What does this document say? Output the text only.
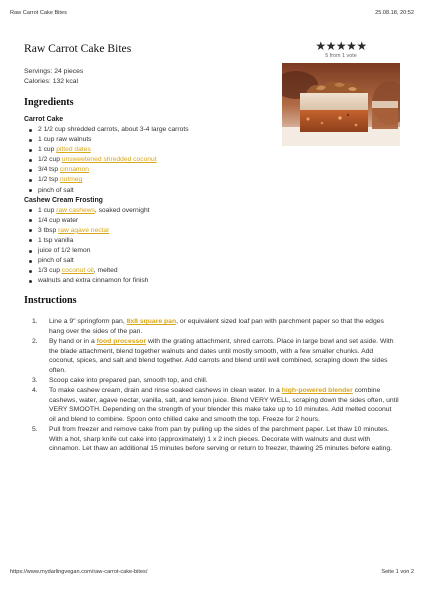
Raw Carrot Cake Bites	25.08.18, 20:52
Raw Carrot Cake Bites	★★★★★
5 from 1 vote
Servings: 24 pieces
Calories: 132 kcal
Ingredients
Carrot Cake
2 1/2 cup shredded carrots, about 3-4 large carrots
1 cup raw walnuts
1 cup pitted dates
1/2 cup unsweetened shredded coconut
3/4 tsp cinnamon
1/2 tsp nutmeg
pinch of salt
Cashew Cream Frosting
1 cup raw cashews, soaked overnight
1/4 cup water
3 tbsp raw agave nectar
1 tsp vanilla
juice of 1/2 lemon
pinch of salt
1/3 cup coconut oil, melted
walnuts and extra cinnamon for finish
Instructions
1. Line a 9" springform pan, 8x8 square pan, or equivalent sized loaf pan with parchment paper so that the edges hang over the sides of the pan.
2. By hand or in a food processor with the grating attachment, shred carrots. Place in large bowl and set aside. With the blade attachment, blend together walnuts and dates until mostly smooth, with a few smaller chunks. Add coconut, spices, and salt and blend together. Add carrots and blend until well combined, scraping down the sides often.
3. Scoop cake into prepared pan, smooth top, and chill.
4. To make cashew cream, drain and rinse soaked cashews in clean water. In a high-powered blender combine cashews, water, agave nectar, vanilla, salt, and lemon juice. Blend VERY WELL, scraping down the sides often, until VERY SMOOTH. Depending on the strength of your blender this make take up to 10 minutes. Add melted coconut oil and blend to combine. Spoon onto chilled cake and smooth the top. Freeze for 2 hours.
5. Pull from freezer and remove cake from pan by pulling up the sides of the parchment paper. Let thaw 10 minutes. With a hot, sharp knife cut cake into (approximately) 1 x 2 inch pieces. Decorate with walnuts and dust with cinnamon. Let thaw an additional 15 minutes before serving or return to freezer, thawing 25 minutes before eating.
https://www.mydarlingvegan.com/raw-carrot-cake-bites/	Seite 1 von 2
